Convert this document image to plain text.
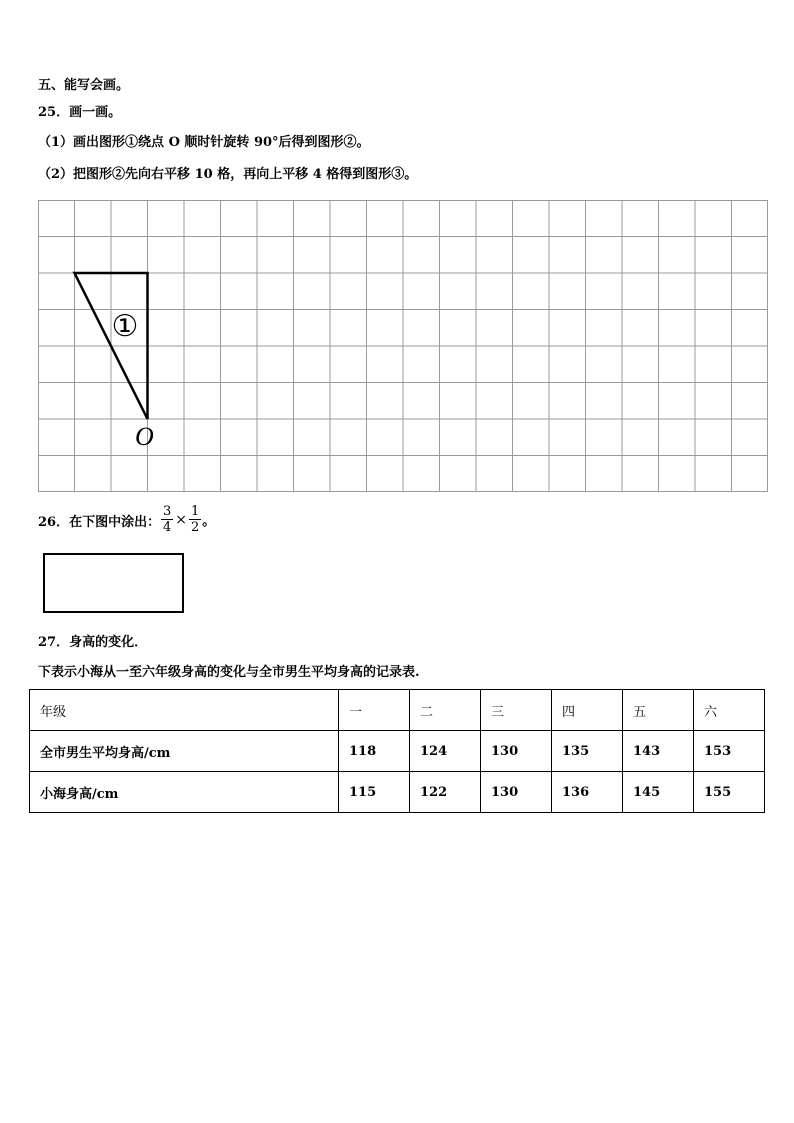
五、能写会画。
25．画一画。
（1）画出图形①绕点 O 顺时针旋转 90°后得到图形②。
（2）把图形②先向右平移 10 格，再向上平移 4 格得到图形③。
①
O
26．在下图中涂出： $\frac{3}{4} \times \frac{1}{2}$ 。
27．身高的变化．
下表示小海从一至六年级身高的变化与全市男生平均身高的记录表.
年级	一	二	三	四	五	六
全市男生平均身高/cm	118	124	130	135	143	153
小海身高/cm	115	122	130	136	145	155
